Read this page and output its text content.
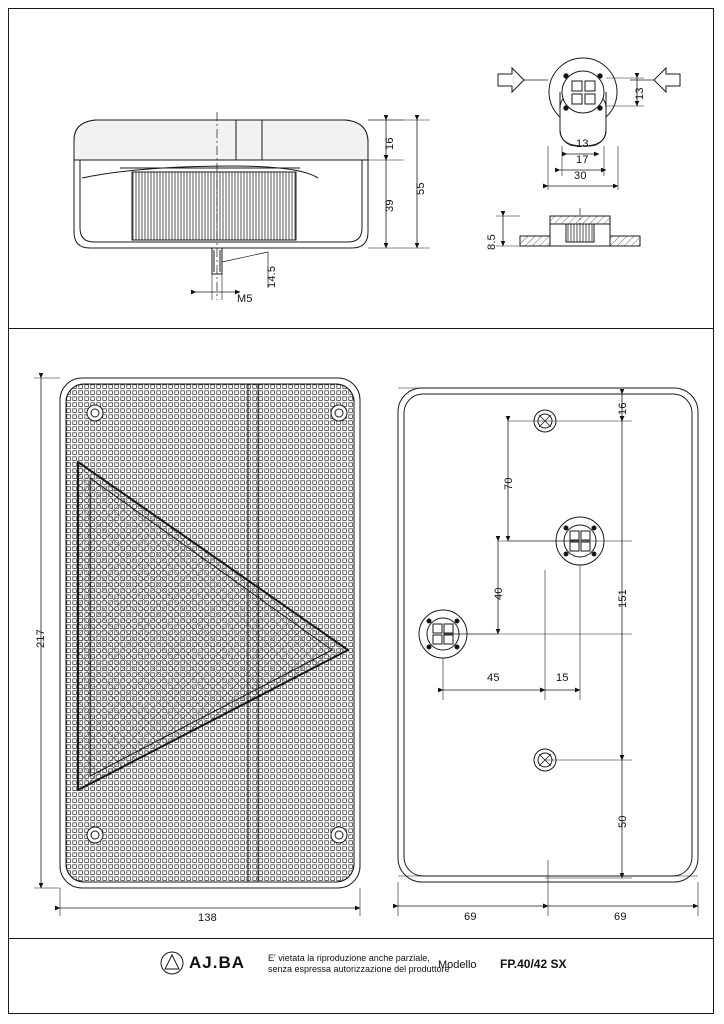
16
39
55
14.5
M5
13
13
17
30
8.5
217
138
16
70
40	151
50
45	15
69	69
AJ.BA	E' vietata la riproduzione anche parziale,
senza espressa autorizzazione del produttore
Modello FP.40/42 SX
